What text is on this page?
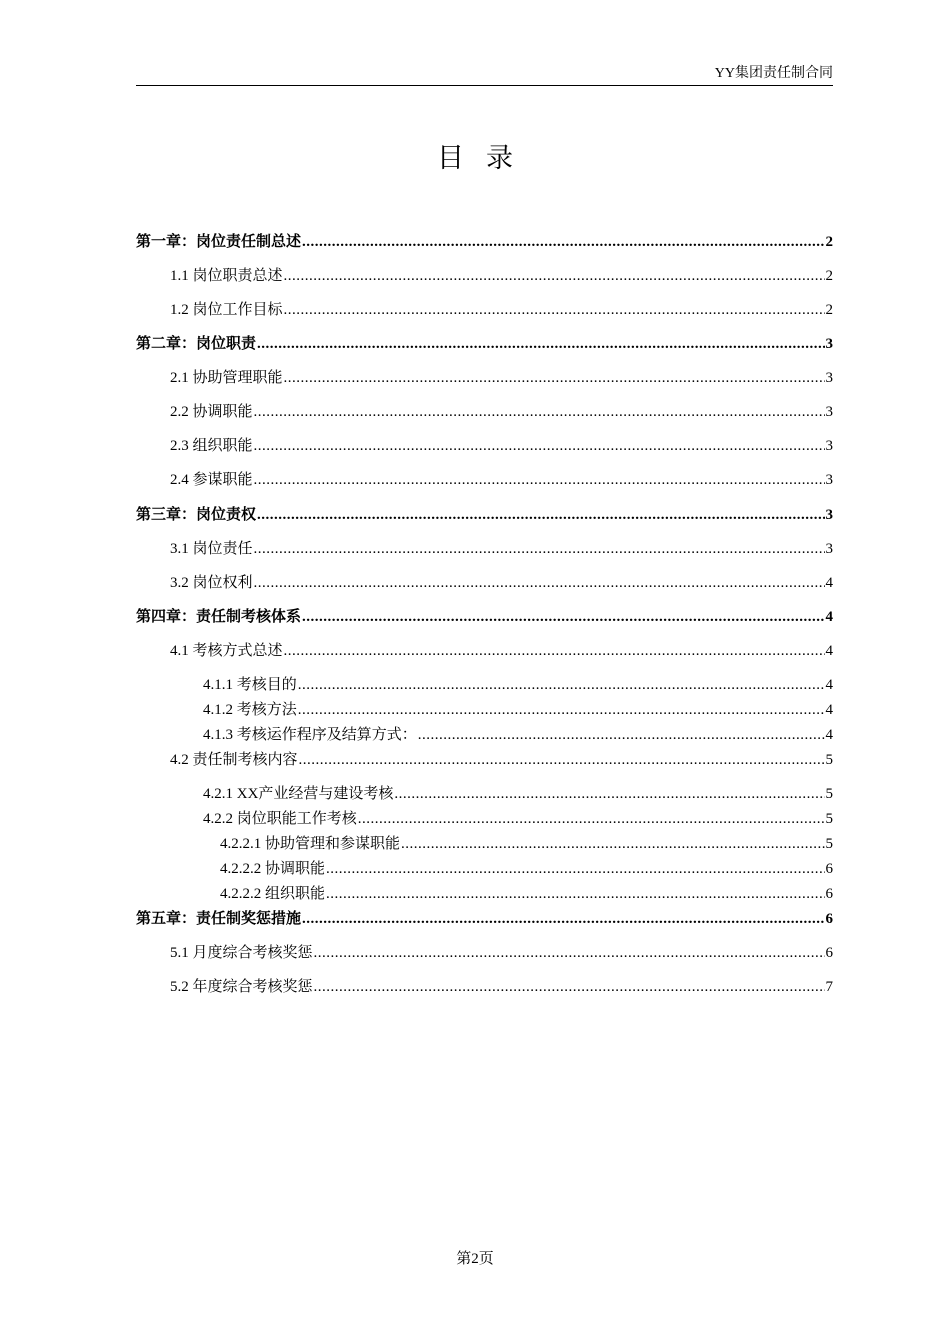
YY集团责任制合同
目录
第一章：岗位责任制总述 .....	2
1.1 岗位职责总述 .....	2
1.2 岗位工作目标 .....	2
第二章：岗位职责 .....	3
2.1 协助管理职能 .....	3
2.2 协调职能 .....	3
2.3 组织职能 .....	3
2.4 参谋职能 .....	3
第三章：岗位责权 .....	3
3.1 岗位责任 .....	3
3.2 岗位权利 .....	4
第四章：责任制考核体系 .....	4
4.1 考核方式总述 .....	4
4.1.1 考核目的 .....	4
4.1.2 考核方法 .....	4
4.1.3 考核运作程序及结算方式： .....	4
4.2 责任制考核内容 .....	5
4.2.1 XX产业经营与建设考核 .....	5
4.2.2 岗位职能工作考核 .....	5
4.2.2.1 协助管理和参谋职能 .....	5
4.2.2.2 协调职能 .....	6
4.2.2.2 组织职能 .....	6
第五章：责任制奖惩措施 .....	6
5.1 月度综合考核奖惩 .....	6
5.2 年度综合考核奖惩 .....	7
第2页
